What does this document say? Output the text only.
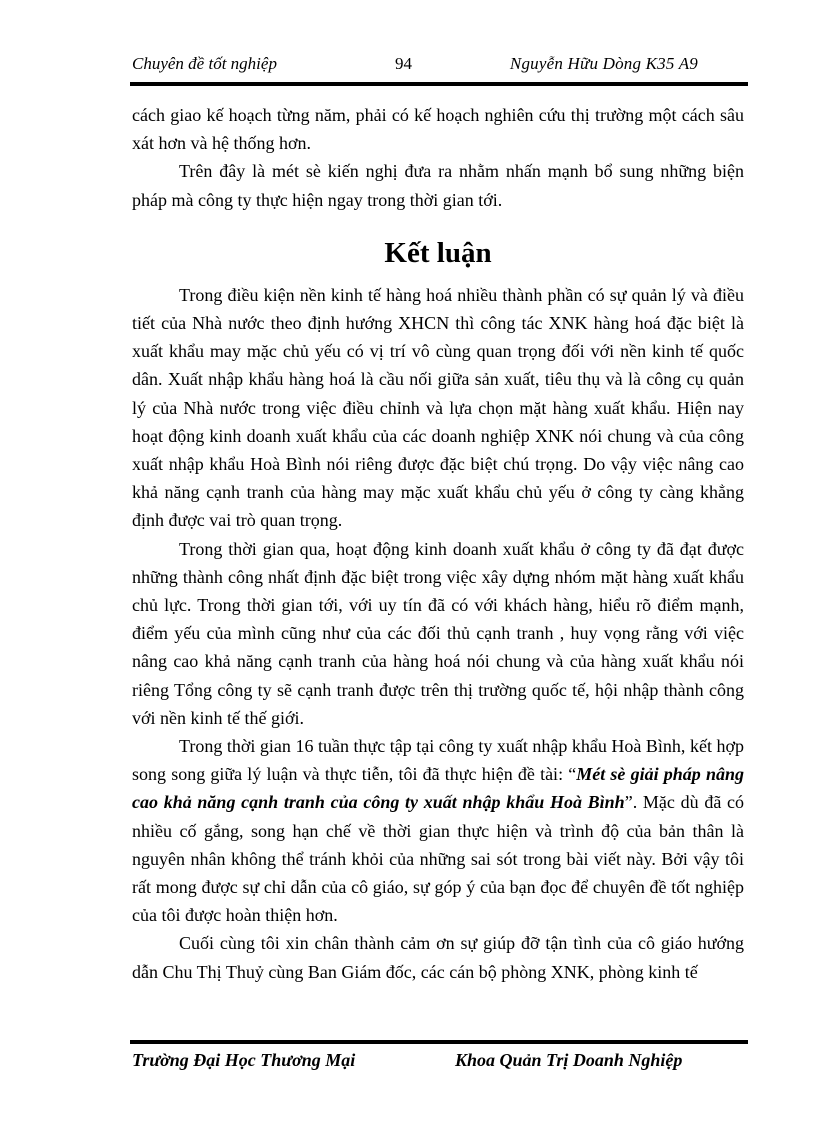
Chuyên đề tốt nghiệp	94	Nguyễn Hữu Dòng K35 A9

cách giao kế hoạch từng năm, phải có kế hoạch nghiên cứu thị trường một cách sâu xát hơn và hệ thống hơn.

Trên đây là mét sè kiến nghị đưa ra nhằm nhấn mạnh bổ sung những biện pháp mà công ty thực hiện ngay trong thời gian tới.

Kết luận

Trong điều kiện nền kinh tế hàng hoá nhiều thành phần có sự quản lý và điều tiết của Nhà nước theo định hướng XHCN thì công tác XNK hàng hoá đặc biệt là xuất khẩu may mặc chủ yếu có vị trí vô cùng quan trọng đối với nền kinh tế quốc dân. Xuất nhập khẩu hàng hoá là cầu nối giữa sản xuất, tiêu thụ và là công cụ quản lý của Nhà nước trong việc điều chỉnh và lựa chọn mặt hàng xuất khẩu. Hiện nay hoạt động kinh doanh xuất khẩu của các doanh nghiệp XNK nói chung và của công xuất nhập khẩu Hoà Bình nói riêng được đặc biệt chú trọng. Do vậy việc nâng cao khả năng cạnh tranh của hàng may mặc xuất khẩu chủ yếu ở công ty càng khẳng định được vai trò quan trọng.

Trong thời gian qua, hoạt động kinh doanh xuất khẩu ở công ty đã đạt được những thành công nhất định đặc biệt trong việc xây dựng nhóm mặt hàng xuất khẩu chủ lực. Trong thời gian tới, với uy tín đã có với khách hàng, hiểu rõ điểm mạnh, điểm yếu của mình cũng như của các đối thủ cạnh tranh , huy vọng rằng với việc nâng cao khả năng cạnh tranh của hàng hoá nói chung và của hàng xuất khẩu nói riêng Tổng công ty sẽ cạnh tranh được trên thị trường quốc tế, hội nhập thành công với nền kinh tế thế giới.

Trong thời gian 16 tuần thực tập tại công ty xuất nhập khẩu Hoà Bình, kết hợp song song giữa lý luận và thực tiễn, tôi đã thực hiện đề tài: “Mét sè giải pháp nâng cao khả năng cạnh tranh của công ty xuất nhập khẩu Hoà Bình”. Mặc dù đã có nhiều cố gắng, song hạn chế về thời gian thực hiện và trình độ của bản thân là nguyên nhân không thể tránh khỏi của những sai sót trong bài viết này. Bởi vậy tôi rất mong được sự chỉ dẫn của cô giáo, sự góp ý của bạn đọc để chuyên đề tốt nghiệp của tôi được hoàn thiện hơn.

Cuối cùng tôi xin chân thành cảm ơn sự giúp đỡ tận tình của cô giáo hướng dẫn Chu Thị Thuỷ cùng Ban Giám đốc, các cán bộ phòng XNK, phòng kinh tế

Trường Đại Học Thương Mại	Khoa Quản Trị Doanh Nghiệp
